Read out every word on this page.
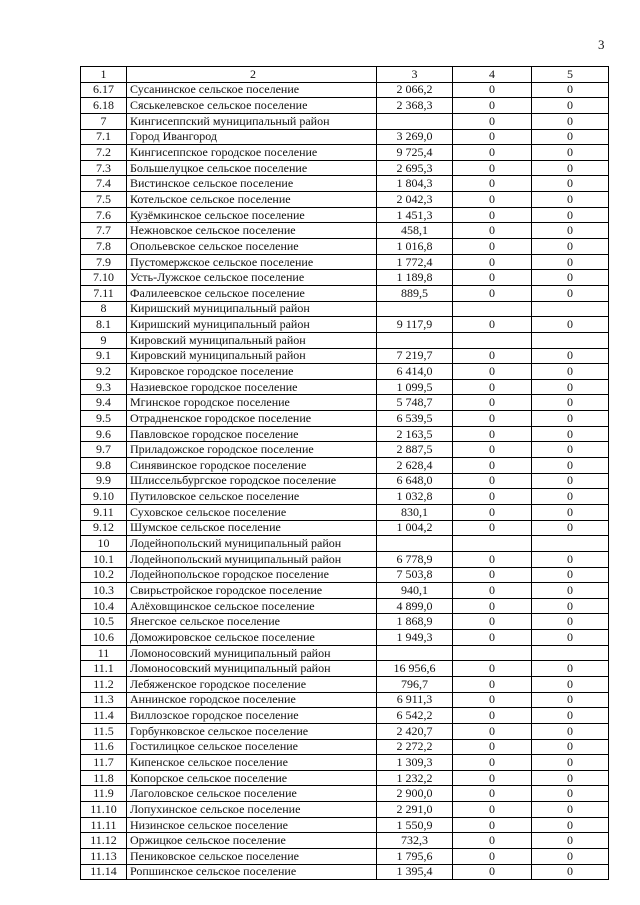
3
1	2	3	4	5
6.17	Сусанинское сельское поселение	2 066,2	0	0
6.18	Сяськелевское сельское поселение	2 368,3	0	0
7	Кингисеппский муниципальный район		0	0
7.1	Город Ивангород	3 269,0	0	0
7.2	Кингисеппское городское поселение	9 725,4	0	0
7.3	Большелуцкое сельское поселение	2 695,3	0	0
7.4	Вистинское сельское поселение	1 804,3	0	0
7.5	Котельское сельское поселение	2 042,3	0	0
7.6	Кузёмкинское сельское поселение	1 451,3	0	0
7.7	Нежновское сельское поселение	458,1	0	0
7.8	Опольевское сельское поселение	1 016,8	0	0
7.9	Пустомержское сельское поселение	1 772,4	0	0
7.10	Усть-Лужское сельское поселение	1 189,8	0	0
7.11	Фалилеевское сельское поселение	889,5	0	0
8	Киришский муниципальный район			
8.1	Киришский муниципальный район	9 117,9	0	0
9	Кировский муниципальный район			
9.1	Кировский муниципальный район	7 219,7	0	0
9.2	Кировское городское поселение	6 414,0	0	0
9.3	Назиевское городское поселение	1 099,5	0	0
9.4	Мгинское городское поселение	5 748,7	0	0
9.5	Отрадненское городское поселение	6 539,5	0	0
9.6	Павловское городское поселение	2 163,5	0	0
9.7	Приладожское городское поселение	2 887,5	0	0
9.8	Синявинское городское поселение	2 628,4	0	0
9.9	Шлиссельбургское городское поселение	6 648,0	0	0
9.10	Путиловское сельское поселение	1 032,8	0	0
9.11	Суховское сельское поселение	830,1	0	0
9.12	Шумское сельское поселение	1 004,2	0	0
10	Лодейнопольский муниципальный район			
10.1	Лодейнопольский муниципальный район	6 778,9	0	0
10.2	Лодейнопольское городское поселение	7 503,8	0	0
10.3	Свирьстройское городское поселение	940,1	0	0
10.4	Алёховщинское сельское поселение	4 899,0	0	0
10.5	Янегское сельское поселение	1 868,9	0	0
10.6	Доможировское сельское поселение	1 949,3	0	0
11	Ломоносовский муниципальный район			
11.1	Ломоносовский муниципальный район	16 956,6	0	0
11.2	Лебяженское городское поселение	796,7	0	0
11.3	Аннинское городское поселение	6 911,3	0	0
11.4	Виллозское городское поселение	6 542,2	0	0
11.5	Горбунковское сельское поселение	2 420,7	0	0
11.6	Гостилицкое сельское поселение	2 272,2	0	0
11.7	Кипенское сельское поселение	1 309,3	0	0
11.8	Копорское сельское поселение	1 232,2	0	0
11.9	Лаголовское сельское поселение	2 900,0	0	0
11.10	Лопухинское сельское поселение	2 291,0	0	0
11.11	Низинское сельское поселение	1 550,9	0	0
11.12	Оржицкое сельское поселение	732,3	0	0
11.13	Пениковское сельское поселение	1 795,6	0	0
11.14	Ропшинское сельское поселение	1 395,4	0	0
